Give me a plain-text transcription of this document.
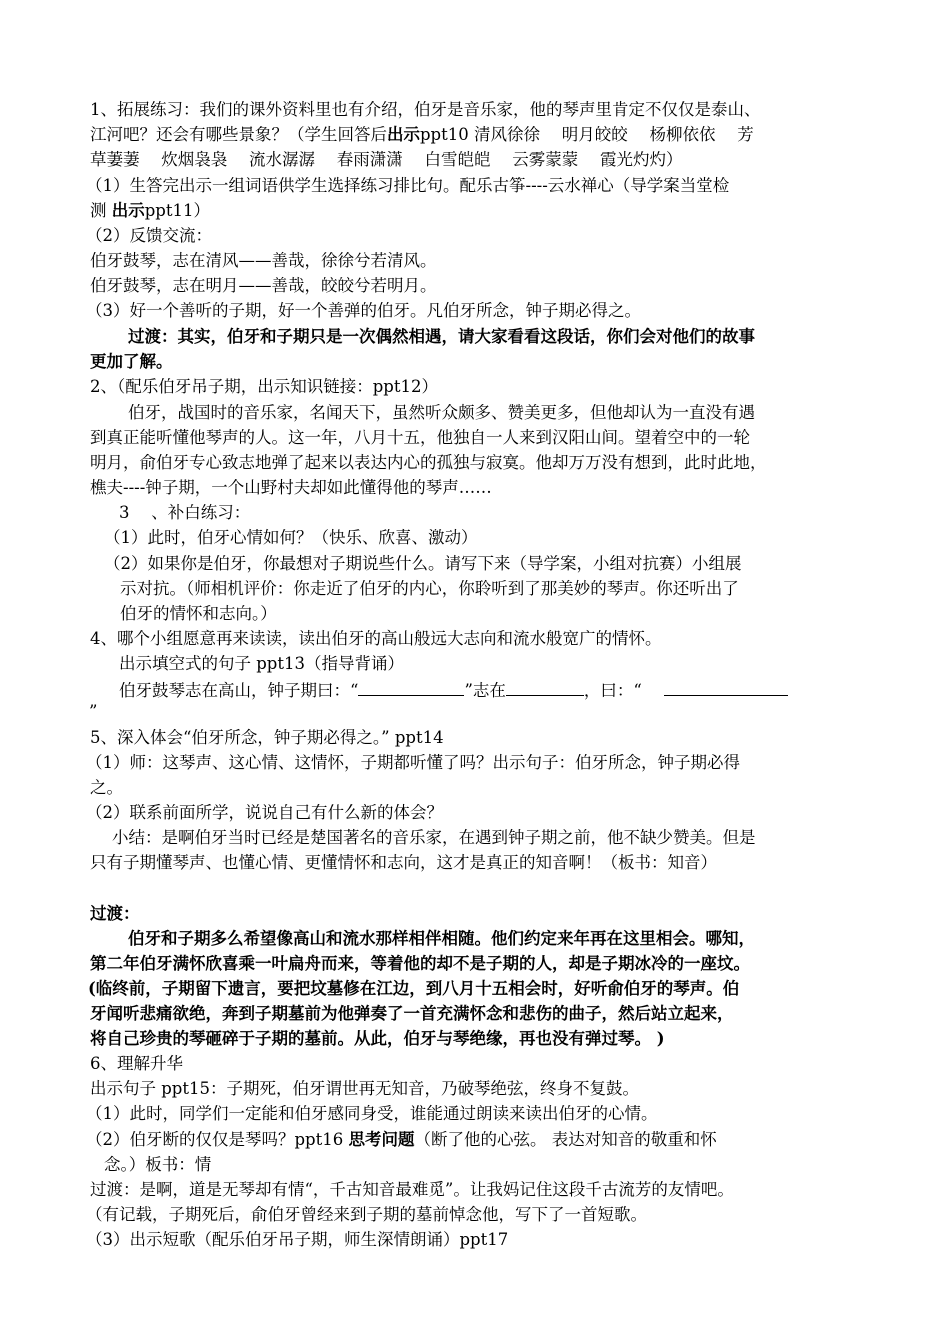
1、拓展练习：我们的课外资料里也有介绍，伯牙是音乐家，他的琴声里肯定不仅仅是泰山、
江河吧？还会有哪些景象？（学生回答后出示ppt10 清风徐徐　 明月皎皎　 杨柳依依　 芳
草萋萋　 炊烟袅袅　 流水潺潺　 春雨潇潇　 白雪皑皑　 云雾蒙蒙　 霞光灼灼）
（1）生答完出示一组词语供学生选择练习排比句。配乐古筝----云水禅心（导学案当堂检
测 出示ppt11）
（2）反馈交流：
伯牙鼓琴，志在清风——善哉，徐徐兮若清风。
伯牙鼓琴，志在明月——善哉，皎皎兮若明月。
（3）好一个善听的子期，好一个善弹的伯牙。凡伯牙所念，钟子期必得之。
过渡：其实，伯牙和子期只是一次偶然相遇，请大家看看这段话，你们会对他们的故事
更加了解。
2、（配乐伯牙吊子期，出示知识链接：ppt12）
伯牙，战国时的音乐家，名闻天下，虽然听众颇多、赞美更多，但他却认为一直没有遇
到真正能听懂他琴声的人。这一年，八月十五，他独自一人来到汉阳山间。望着空中的一轮
明月，俞伯牙专心致志地弹了起来以表达内心的孤独与寂寞。他却万万没有想到，此时此地，
樵夫----钟子期，一个山野村夫却如此懂得他的琴声……
3　 、补白练习：
（1）此时，伯牙心情如何？（快乐、欣喜、激动）
（2）如果你是伯牙，你最想对子期说些什么。请写下来（导学案，小组对抗赛）小组展
示对抗。（师相机评价：你走近了伯牙的内心，你聆听到了那美妙的琴声。你还听出了
伯牙的情怀和志向。）
4、哪个小组愿意再来读读，读出伯牙的高山般远大志向和流水般宽广的情怀。
出示填空式的句子 ppt13（指导背诵）
伯牙鼓琴志在高山，钟子期曰：“	”志在	，曰：“
”
5、深入体会“伯牙所念，钟子期必得之。” ppt14
（1）师：这琴声、这心情、这情怀，子期都听懂了吗？出示句子：伯牙所念，钟子期必得
之。
（2）联系前面所学，说说自己有什么新的体会？
小结：是啊伯牙当时已经是楚国著名的音乐家，在遇到钟子期之前，他不缺少赞美。但是
只有子期懂琴声、也懂心情、更懂情怀和志向，这才是真正的知音啊！（板书：知音）
过渡：
伯牙和子期多么希望像高山和流水那样相伴相随。他们约定来年再在这里相会。哪知，
第二年伯牙满怀欣喜乘一叶扁舟而来，等着他的却不是子期的人，却是子期冰冷的一座坟。
(临终前，子期留下遗言，要把坟墓修在江边，到八月十五相会时，好听俞伯牙的琴声。伯
牙闻听悲痛欲绝，奔到子期墓前为他弹奏了一首充满怀念和悲伤的曲子，然后站立起来，
将自己珍贵的琴砸碎于子期的墓前。从此，伯牙与琴绝缘，再也没有弹过琴。 )
6、理解升华
出示句子 ppt15：子期死，伯牙谓世再无知音，乃破琴绝弦，终身不复鼓。
（1）此时，同学们一定能和伯牙感同身受，谁能通过朗读来读出伯牙的心情。
（2）伯牙断的仅仅是琴吗？ppt16 思考问题（断了他的心弦。 表达对知音的敬重和怀
念。）板书：情
过渡：是啊，道是无琴却有情“，千古知音最难觅”。让我妈记住这段千古流芳的友情吧。
（有记载，子期死后，俞伯牙曾经来到子期的墓前悼念他，写下了一首短歌。
（3）出示短歌（配乐伯牙吊子期，师生深情朗诵）ppt17
